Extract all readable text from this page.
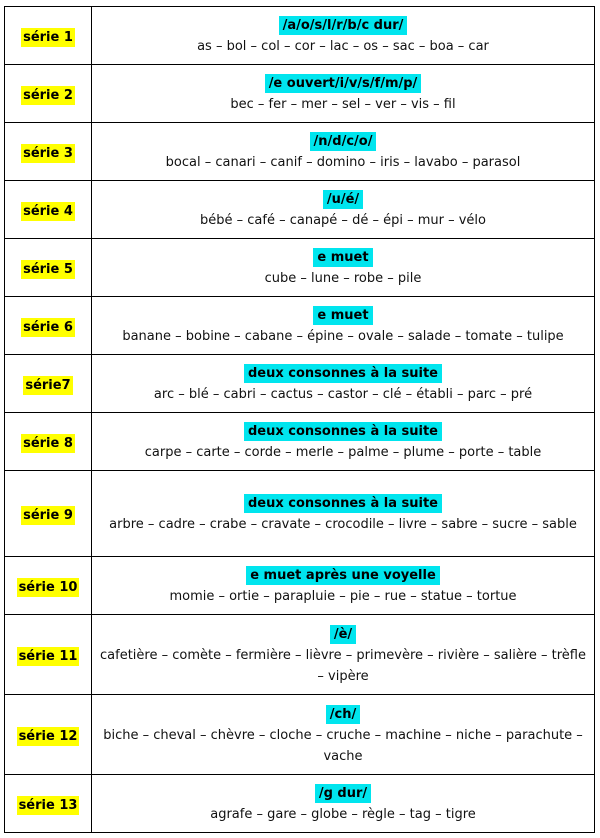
série 1	/a/o/s/l/r/b/c dur/
as – bol – col – cor – lac – os – sac – boa – car

série 2	/e ouvert/i/v/s/f/m/p/
bec – fer – mer – sel – ver – vis – fil

série 3	/n/d/c/o/
bocal – canari – canif – domino – iris – lavabo – parasol

série 4	/u/é/
bébé – café – canapé – dé – épi – mur – vélo

série 5	e muet
cube – lune – robe – pile

série 6	e muet
banane – bobine – cabane – épine – ovale – salade – tomate – tulipe

série7	deux consonnes à la suite
arc – blé – cabri – cactus – castor – clé – établi – parc – pré

série 8	deux consonnes à la suite
carpe – carte – corde – merle – palme – plume – porte – table

série 9	deux consonnes à la suite
arbre – cadre – crabe – cravate – crocodile – livre – sabre – sucre – sable

série 10	e muet après une voyelle
momie – ortie – parapluie – pie – rue – statue – tortue

série 11	/è/
cafetière – comète – fermière – lièvre – primevère – rivière – salière – trèfle – vipère

série 12	/ch/
biche – cheval – chèvre – cloche – cruche – machine – niche – parachute – vache

série 13	/g dur/
agrafe – gare – globe – règle – tag – tigre
